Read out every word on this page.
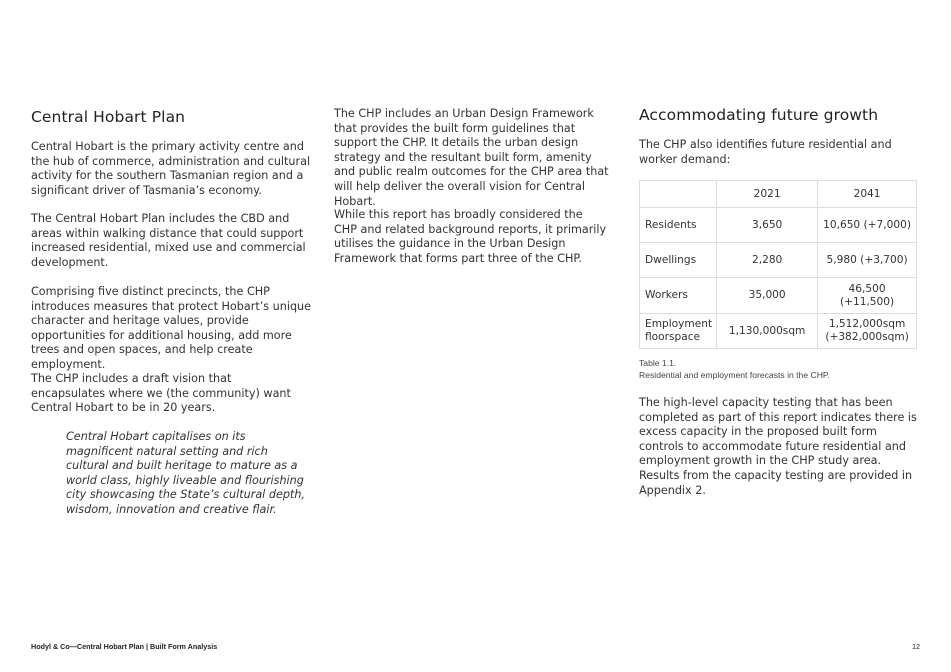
Central Hobart Plan

Central Hobart is the primary activity centre and the hub of commerce, administration and cultural activity for the southern Tasmanian region and a significant driver of Tasmania’s economy.

The Central Hobart Plan includes the CBD and areas within walking distance that could support increased residential, mixed use and commercial development.

Comprising five distinct precincts, the CHP introduces measures that protect Hobart’s unique character and heritage values, provide opportunities for additional housing, add more trees and open spaces, and help create employment.

The CHP includes a draft vision that encapsulates where we (the community) want Central Hobart to be in 20 years.

Central Hobart capitalises on its magnificent natural setting and rich cultural and built heritage to mature as a world class, highly liveable and flourishing city showcasing the State’s cultural depth, wisdom, innovation and creative flair.

The CHP includes an Urban Design Framework that provides the built form guidelines that support the CHP. It details the urban design strategy and the resultant built form, amenity and public realm outcomes for the CHP area that will help deliver the overall vision for Central Hobart.

While this report has broadly considered the CHP and related background reports, it primarily utilises the guidance in the Urban Design Framework that forms part three of the CHP.

Accommodating future growth

The CHP also identifies future residential and worker demand:

	2021	2041
Residents	3,650	10,650 (+7,000)
Dwellings	2,280	5,980 (+3,700)
Workers	35,000	46,500 (+11,500)
Employment floorspace	1,130,000sqm	1,512,000sqm (+382,000sqm)
Table 1.1.
Residential and employment forecasts in the CHP.

The high-level capacity testing that has been completed as part of this report indicates there is excess capacity in the proposed built form controls to accommodate future residential and employment growth in the CHP study area. Results from the capacity testing are provided in Appendix 2.

Hodyl & Co—Central Hobart Plan | Built Form Analysis	12
